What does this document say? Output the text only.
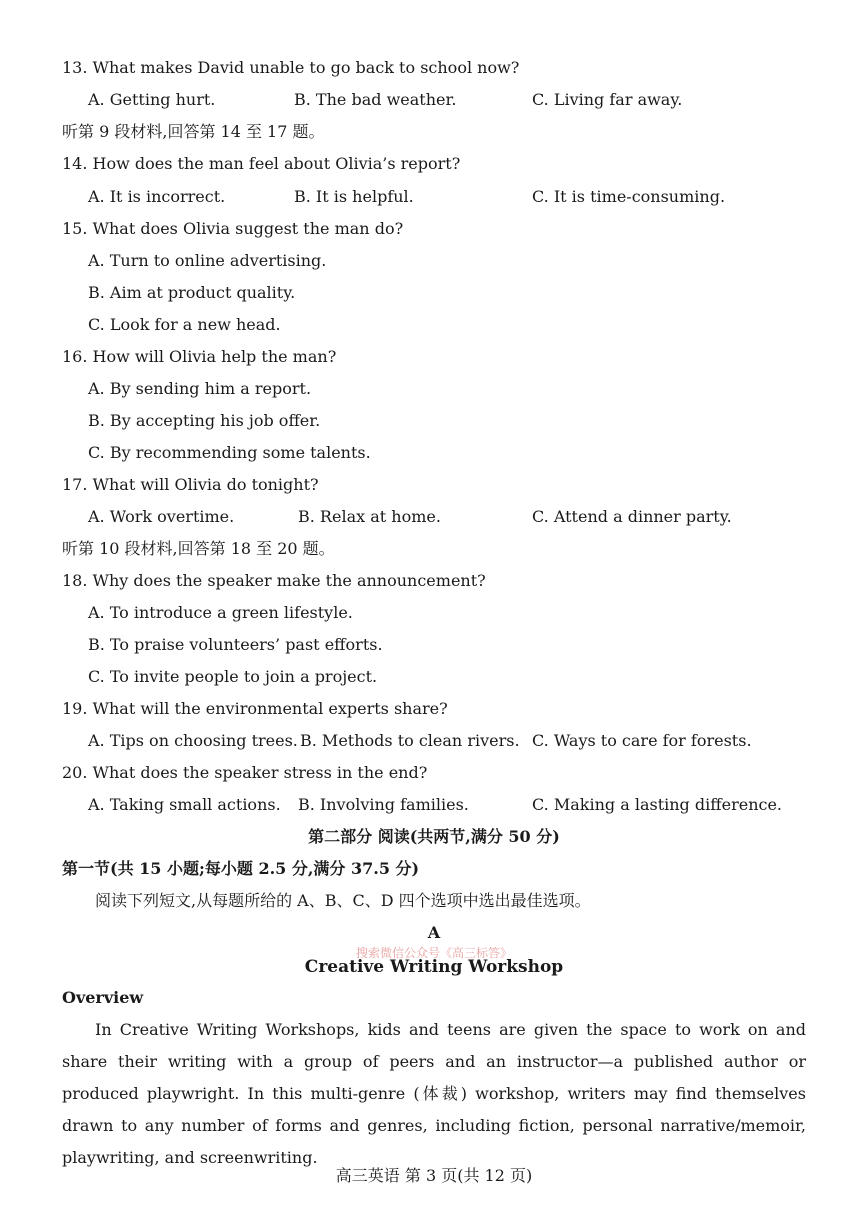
13. What makes David unable to go back to school now?
A. Getting hurt.	B. The bad weather.	C. Living far away.
听第 9 段材料,回答第 14 至 17 题。
14. How does the man feel about Olivia’s report?
A. It is incorrect.	B. It is helpful.	C. It is time-consuming.
15. What does Olivia suggest the man do?
A. Turn to online advertising.
B. Aim at product quality.
C. Look for a new head.
16. How will Olivia help the man?
A. By sending him a report.
B. By accepting his job offer.
C. By recommending some talents.
17. What will Olivia do tonight?
A. Work overtime.	B. Relax at home.	C. Attend a dinner party.
听第 10 段材料,回答第 18 至 20 题。
18. Why does the speaker make the announcement?
A. To introduce a green lifestyle.
B. To praise volunteers’ past efforts.
C. To invite people to join a project.
19. What will the environmental experts share?
A. Tips on choosing trees. B. Methods to clean rivers. C. Ways to care for forests.
20. What does the speaker stress in the end?
A. Taking small actions. B. Involving families.	C. Making a lasting difference.
第二部分 阅读(共两节,满分 50 分)
第一节(共 15 小题;每小题 2.5 分,满分 37.5 分)
阅读下列短文,从每题所给的 A、B、C、D 四个选项中选出最佳选项。
A
搜索微信公众号《高三标答》
Creative Writing Workshop
Overview
In Creative Writing Workshops, kids and teens are given the space to work on and share their writing with a group of peers and an instructor—a published author or produced playwright. In this multi-genre (体裁) workshop, writers may find themselves drawn to any number of forms and genres, including fiction, personal narrative/memoir, playwriting, and screenwriting.
高三英语 第 3 页(共 12 页)
